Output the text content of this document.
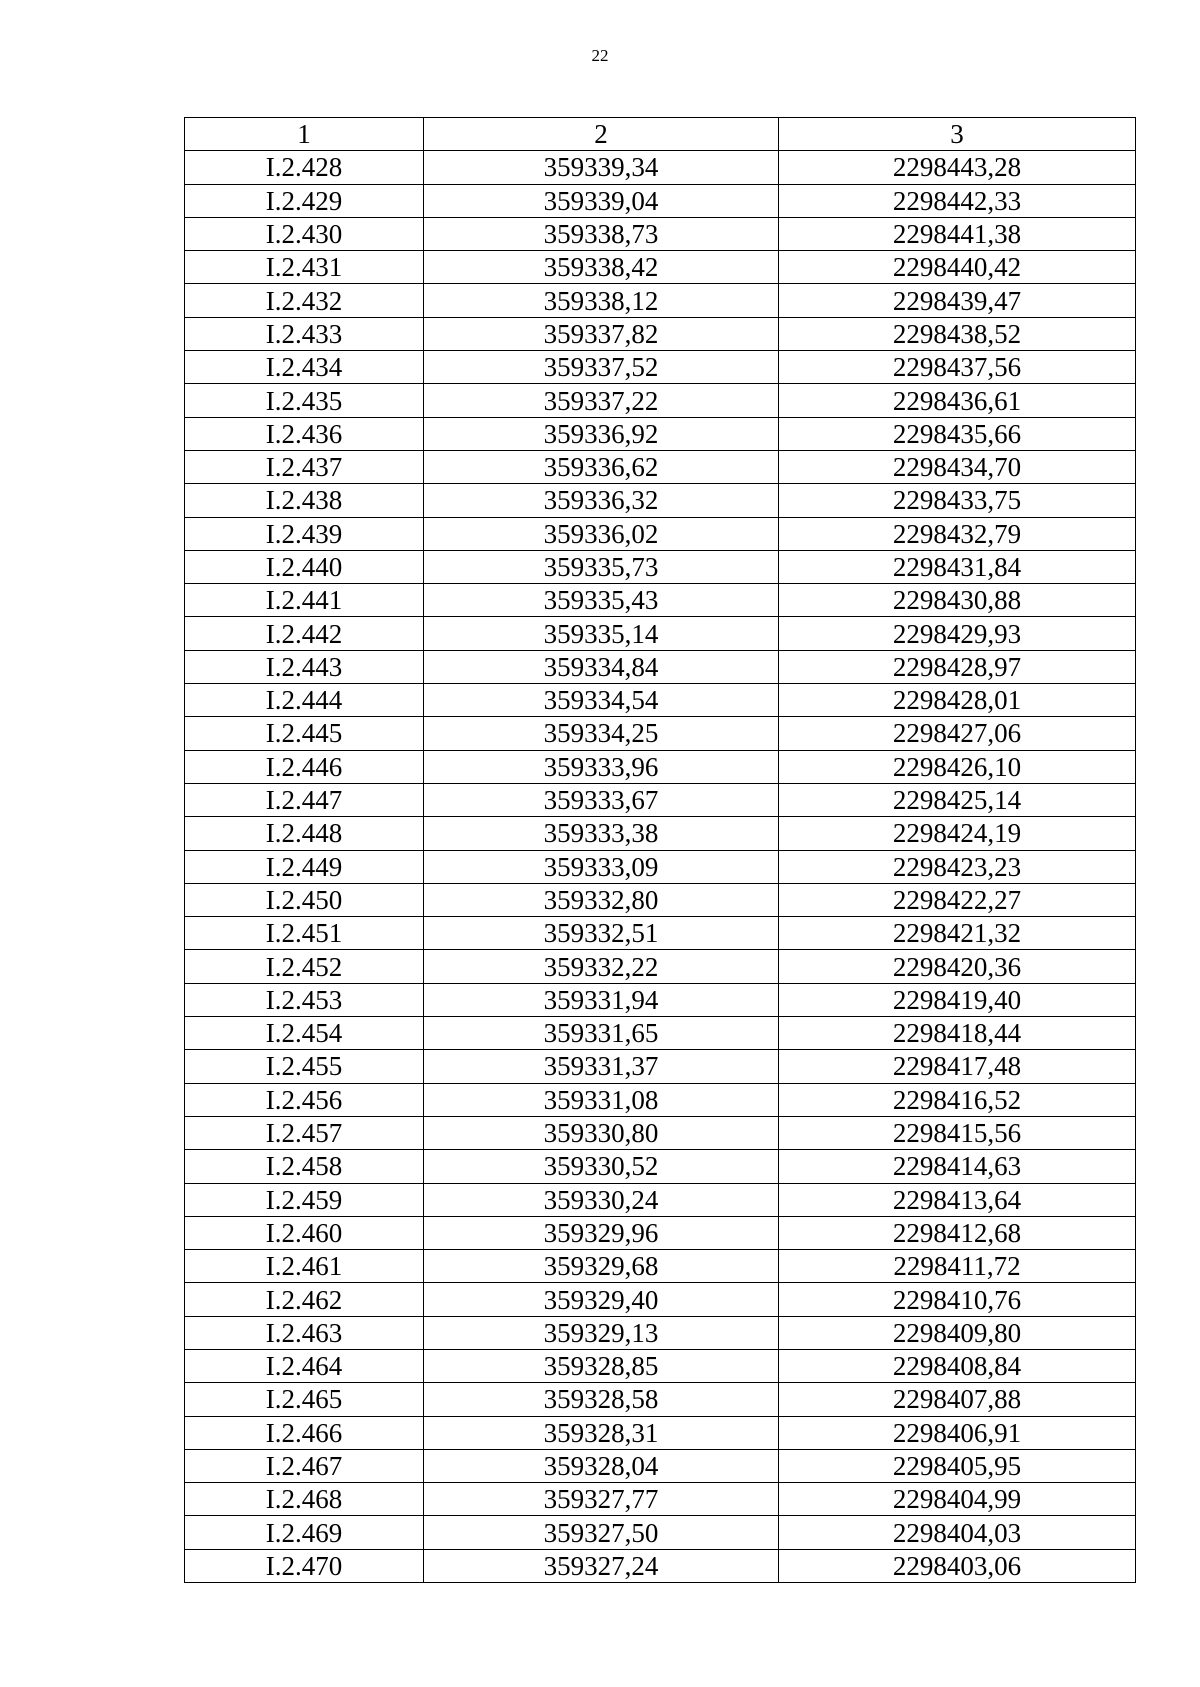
22
1	2	3
I.2.428	359339,34	2298443,28
I.2.429	359339,04	2298442,33
I.2.430	359338,73	2298441,38
I.2.431	359338,42	2298440,42
I.2.432	359338,12	2298439,47
I.2.433	359337,82	2298438,52
I.2.434	359337,52	2298437,56
I.2.435	359337,22	2298436,61
I.2.436	359336,92	2298435,66
I.2.437	359336,62	2298434,70
I.2.438	359336,32	2298433,75
I.2.439	359336,02	2298432,79
I.2.440	359335,73	2298431,84
I.2.441	359335,43	2298430,88
I.2.442	359335,14	2298429,93
I.2.443	359334,84	2298428,97
I.2.444	359334,54	2298428,01
I.2.445	359334,25	2298427,06
I.2.446	359333,96	2298426,10
I.2.447	359333,67	2298425,14
I.2.448	359333,38	2298424,19
I.2.449	359333,09	2298423,23
I.2.450	359332,80	2298422,27
I.2.451	359332,51	2298421,32
I.2.452	359332,22	2298420,36
I.2.453	359331,94	2298419,40
I.2.454	359331,65	2298418,44
I.2.455	359331,37	2298417,48
I.2.456	359331,08	2298416,52
I.2.457	359330,80	2298415,56
I.2.458	359330,52	2298414,63
I.2.459	359330,24	2298413,64
I.2.460	359329,96	2298412,68
I.2.461	359329,68	2298411,72
I.2.462	359329,40	2298410,76
I.2.463	359329,13	2298409,80
I.2.464	359328,85	2298408,84
I.2.465	359328,58	2298407,88
I.2.466	359328,31	2298406,91
I.2.467	359328,04	2298405,95
I.2.468	359327,77	2298404,99
I.2.469	359327,50	2298404,03
I.2.470	359327,24	2298403,06
